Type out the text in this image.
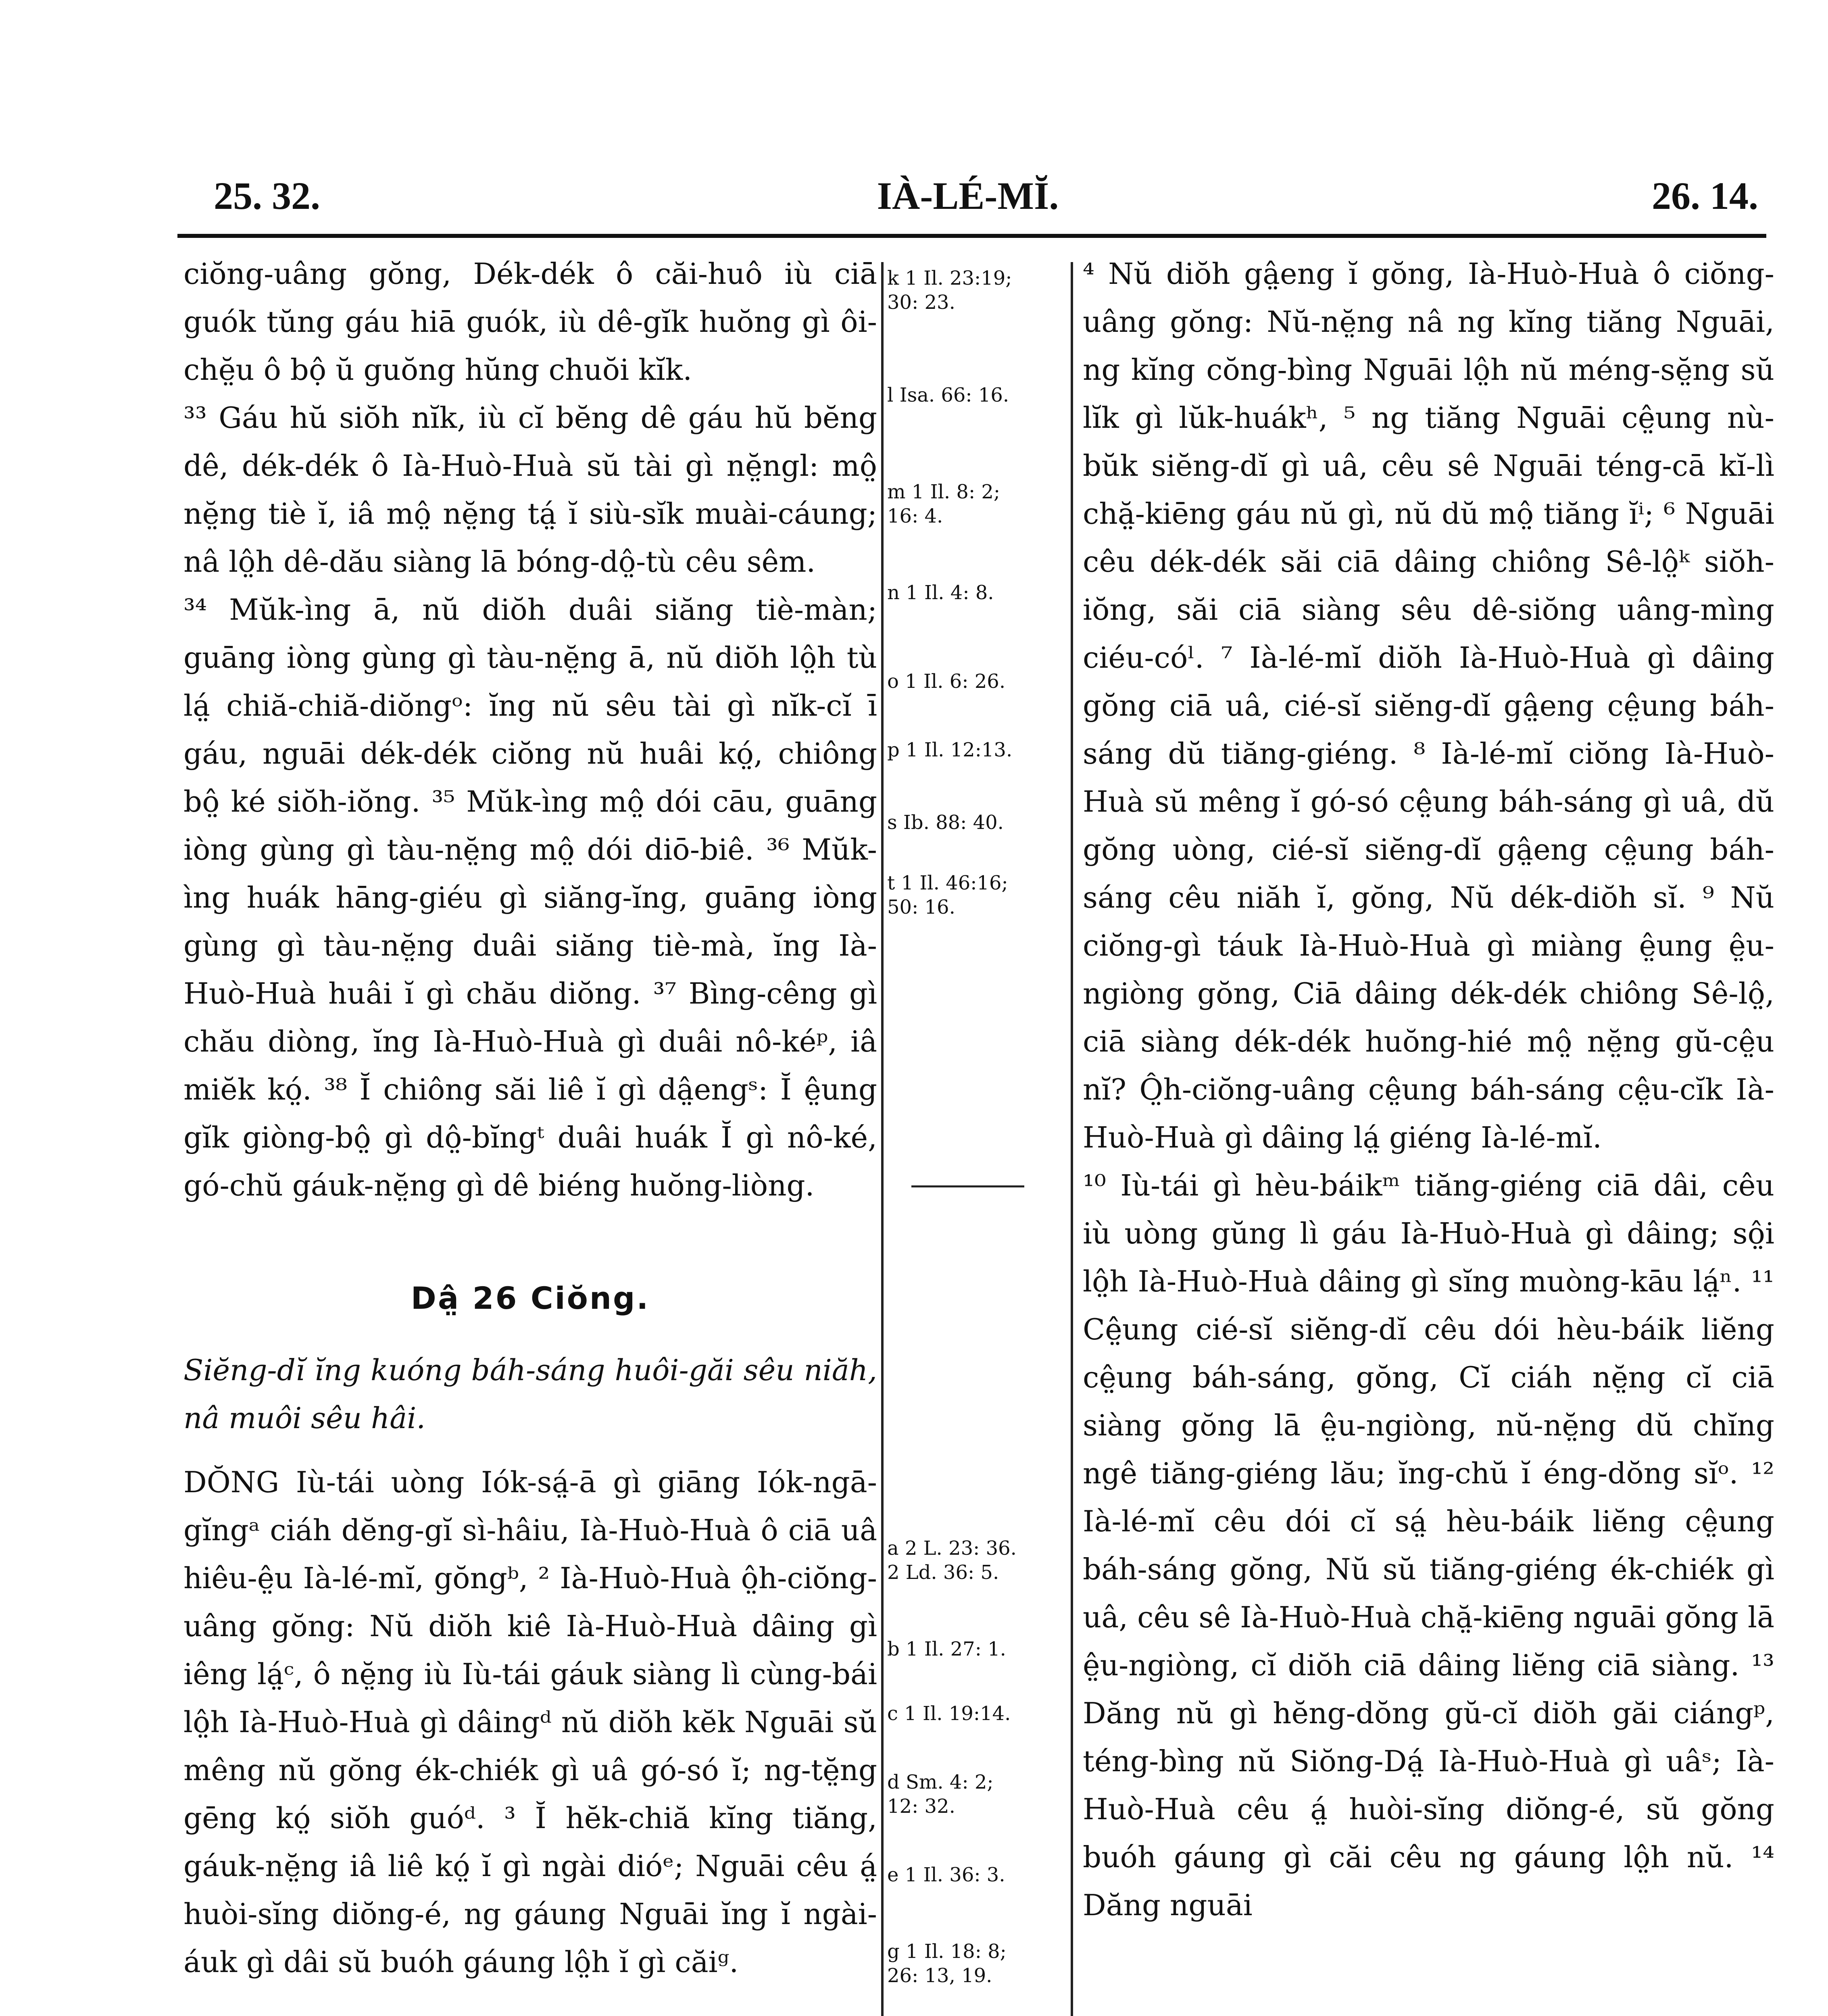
25. 32.	IÀ-LÉ-MĬ.	26. 14.

ciŏng-uâng gŏng, Dék-dék ô căi-huô iù ciā guók tŭng gáu hiā guók, iù dê-gĭk huŏng gì ôi-chĕ̤u ô bộ ŭ guŏng hŭng chuŏi kĭk.
³³ Gáu hŭ siŏh nĭk, iù cĭ bĕng dê gáu hŭ bĕng dê, dék-dék ô Ià-Huò-Huà sŭ tài gì nĕ̤ngl: mô̤ nĕ̤ng tiè ĭ, iâ mô̤ nĕ̤ng tá̤ ĭ siù-sĭk muài-cáung; nâ lô̤h dê-dău siàng lā bóng-dô̤-tù cêu sêm.
³⁴ Mŭk-ìng ā, nŭ diŏh duâi siăng tiè-màn; guāng iòng gùng gì tàu-nĕ̤ng ā, nŭ diŏh lô̤h tù lá̤ chiă-chiă-diŏngᵒ: ĭng nŭ sêu tài gì nĭk-cĭ ī gáu, nguāi dék-dék ciŏng nŭ huâi kó̤, chiông bô̤ ké siŏh-iŏng. ³⁵ Mŭk-ìng mô̤ dói cāu, guāng iòng gùng gì tàu-nĕ̤ng mô̤ dói diō-biê. ³⁶ Mŭk-ìng huák hāng-giéu gì siăng-ĭng, guāng iòng gùng gì tàu-nĕ̤ng duâi siăng tiè-mà, ĭng Ià-Huò-Huà huâi ĭ gì chău diŏng. ³⁷ Bìng-cêng gì chău diòng, ĭng Ià-Huò-Huà gì duâi nô-kéᵖ, iâ miĕk kó̤. ³⁸ Ĭ chiông săi liê ĭ gì dâ̤engˢ: Ĭ ê̤ung gĭk giòng-bô̤ gì dô̤-bĭngᵗ duâi huák Ĭ gì nô-ké, gó-chŭ gáuk-nĕ̤ng gì dê biéng huŏng-liòng.

Dâ̤ 26 Ciŏng.

Siĕng-dĭ ĭng kuóng báh-sáng huôi-găi sêu niăh, nâ muôi sêu hâi.

DŎNG Iù-tái uòng Iók-sá̤-ā gì giāng Iók-ngā-gĭngᵃ ciáh dĕng-gĭ sì-hâiu, Ià-Huò-Huà ô ciā uâ hiêu-ê̤u Ià-lé-mĭ, gŏngᵇ, ² Ià-Huò-Huà ô̤h-ciŏng-uâng gŏng: Nŭ diŏh kiê Ià-Huò-Huà dâing gì iêng lá̤ᶜ, ô nĕ̤ng iù Iù-tái gáuk siàng lì cùng-bái lô̤h Ià-Huò-Huà gì dâingᵈ nŭ diŏh kĕk Nguāi sŭ mêng nŭ gŏng ék-chiék gì uâ gó-só ĭ; ng-tĕ̤ng gēng kó̤ siŏh guóᵈ. ³ Ĭ hĕk-chiă kĭng tiăng, gáuk-nĕ̤ng iâ liê kó̤ ĭ gì ngài dióᵉ; Nguāi cêu á̤ huòi-sĭng diŏng-é, ng gáung Nguāi ĭng ĭ ngài-áuk gì dâi sŭ buóh gáung lô̤h ĭ gì căiᵍ.

k 1 Il. 23:19;
30: 23.
l Isa. 66: 16.
m 1 Il. 8: 2;
16: 4.
n 1 Il. 4: 8.
o 1 Il. 6: 26.
p 1 Il. 12:13.
s Ib. 88: 40.
t 1 Il. 46:16;
50: 16.
a 2 L. 23: 36.
2 Ld. 36: 5.
b 1 Il. 27: 1.
c 1 Il. 19:14.
d Sm. 4: 2;
12: 32.
e 1 Il. 36: 3.
g 1 Il. 18: 8;
26: 13, 19.

⁴ Nŭ diŏh gâ̤eng ĭ gŏng, Ià-Huò-Huà ô ciŏng-uâng gŏng: Nŭ-nĕ̤ng nâ ng kĭng tiăng Nguāi, ng kĭng cŏng-bìng Nguāi lô̤h nŭ méng-sĕ̤ng sŭ lĭk gì lŭk-huákʰ, ⁵ ng tiăng Nguāi cê̤ung nù-bŭk siĕng-dĭ gì uâ, cêu sê Nguāi téng-cā kĭ-lì chă̤-kiēng gáu nŭ gì, nŭ dŭ mô̤ tiăng ĭⁱ; ⁶ Nguāi cêu dék-dék săi ciā dâing chiông Sê-lô̤ᵏ siŏh-iŏng, săi ciā siàng sêu dê-siŏng uâng-mìng ciéu-cóˡ. ⁷ Ià-lé-mĭ diŏh Ià-Huò-Huà gì dâing gŏng ciā uâ, cié-sĭ siĕng-dĭ gâ̤eng cê̤ung báh-sáng dŭ tiăng-giéng. ⁸ Ià-lé-mĭ ciŏng Ià-Huò-Huà sŭ mêng ĭ gó-só cê̤ung báh-sáng gì uâ, dŭ gŏng uòng, cié-sĭ siĕng-dĭ gâ̤eng cê̤ung báh-sáng cêu niăh ĭ, gŏng, Nŭ dék-diŏh sĭ. ⁹ Nŭ ciŏng-gì táuk Ià-Huò-Huà gì miàng ê̤ung ê̤u-ngiòng gŏng, Ciā dâing dék-dék chiông Sê-lô̤, ciā siàng dék-dék huŏng-hié mô̤ nĕ̤ng gŭ-cê̤u nĭ? Ô̤h-ciŏng-uâng cê̤ung báh-sáng cê̤u-cĭk Ià-Huò-Huà gì dâing lá̤ giéng Ià-lé-mĭ.

¹⁰ Iù-tái gì hèu-báikᵐ tiăng-giéng ciā dâi, cêu iù uòng gŭng lì gáu Ià-Huò-Huà gì dâing; sô̤i lô̤h Ià-Huò-Huà dâing gì sĭng muòng-kāu lá̤ⁿ. ¹¹ Cê̤ung cié-sĭ siĕng-dĭ cêu dói hèu-báik liĕng cê̤ung báh-sáng, gŏng, Cĭ ciáh nĕ̤ng cĭ ciā siàng gŏng lā ê̤u-ngiòng, nŭ-nĕ̤ng dŭ chĭng ngê tiăng-giéng lău; ĭng-chŭ ĭ éng-dŏng sĭᵒ. ¹² Ià-lé-mĭ cêu dói cĭ sá̤ hèu-báik liĕng cê̤ung báh-sáng gŏng, Nŭ sŭ tiăng-giéng ék-chiék gì uâ, cêu sê Ià-Huò-Huà chă̤-kiēng nguāi gŏng lā ê̤u-ngiòng, cĭ diŏh ciā dâing liĕng ciā siàng. ¹³ Dăng nŭ gì hĕng-dŏng gŭ-cĭ diŏh găi ciángᵖ, téng-bìng nŭ Siŏng-Dá̤ Ià-Huò-Huà gì uâˢ; Ià-Huò-Huà cêu á̤ huòi-sĭng diŏng-é, sŭ gŏng buóh gáung gì căi cêu ng gáung lô̤h nŭ. ¹⁴ Dăng nguāi
